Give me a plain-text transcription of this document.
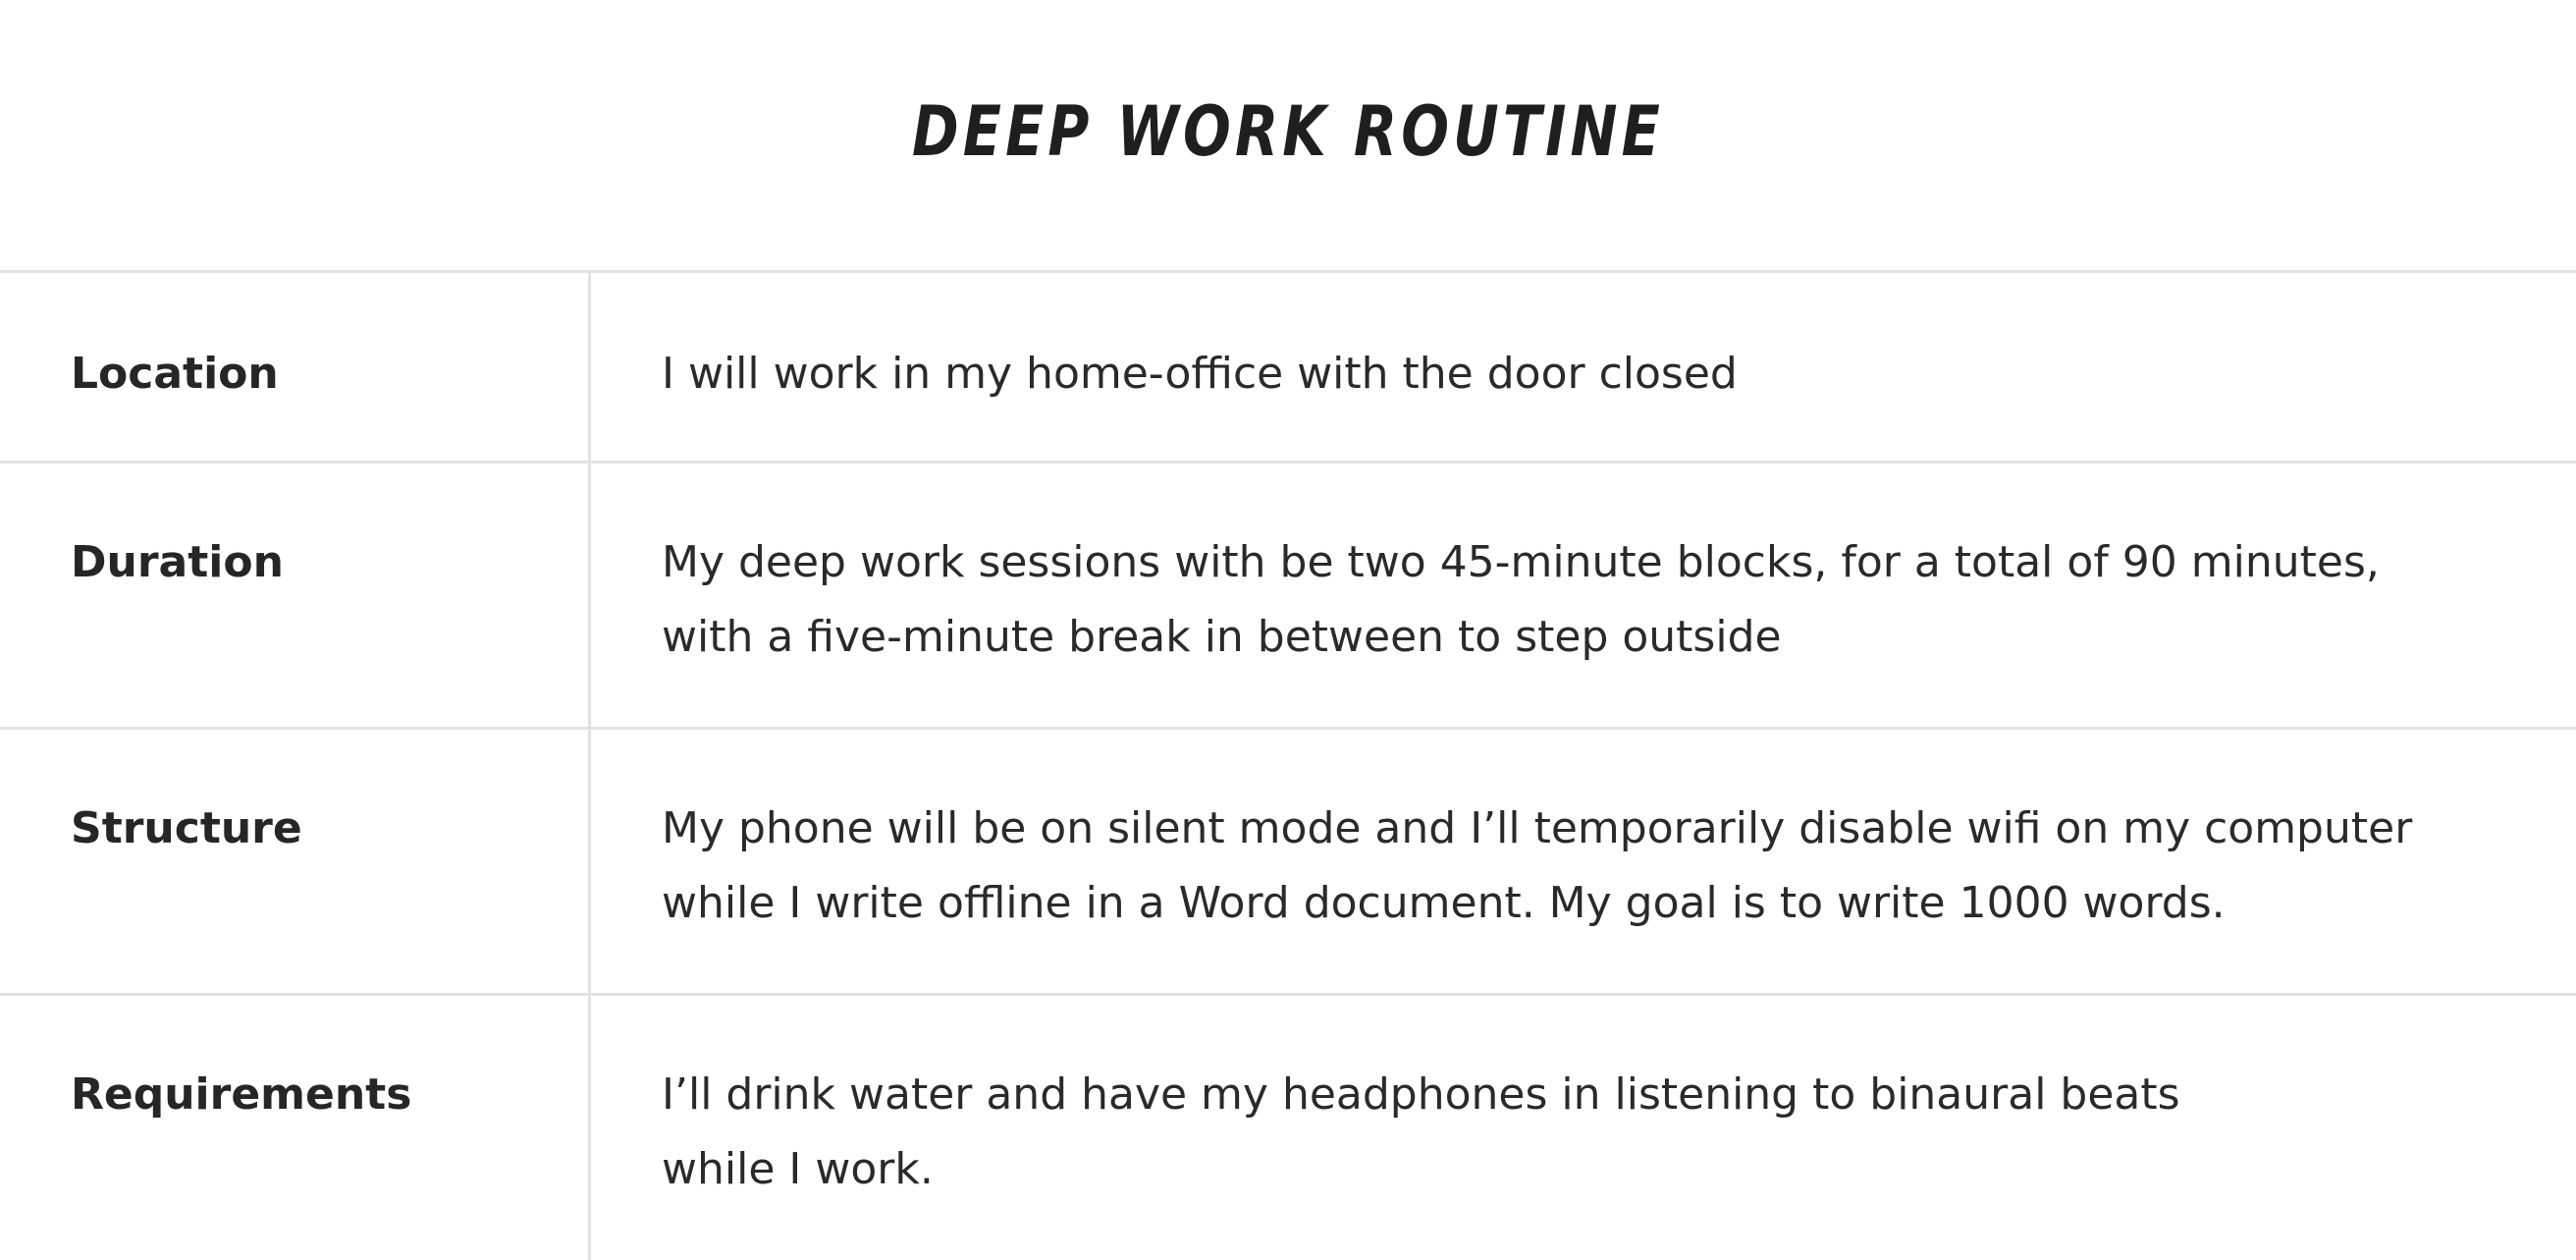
DEEP WORK ROUTINE
Location	I will work in my home-office with the door closed
Duration	My deep work sessions with be two 45-minute blocks, for a total of 90 minutes,
with a five-minute break in between to step outside
Structure	My phone will be on silent mode and I’ll temporarily disable wifi on my computer
while I write offline in a Word document. My goal is to write 1000 words.
Requirements	I’ll drink water and have my headphones in listening to binaural beats
while I work.
